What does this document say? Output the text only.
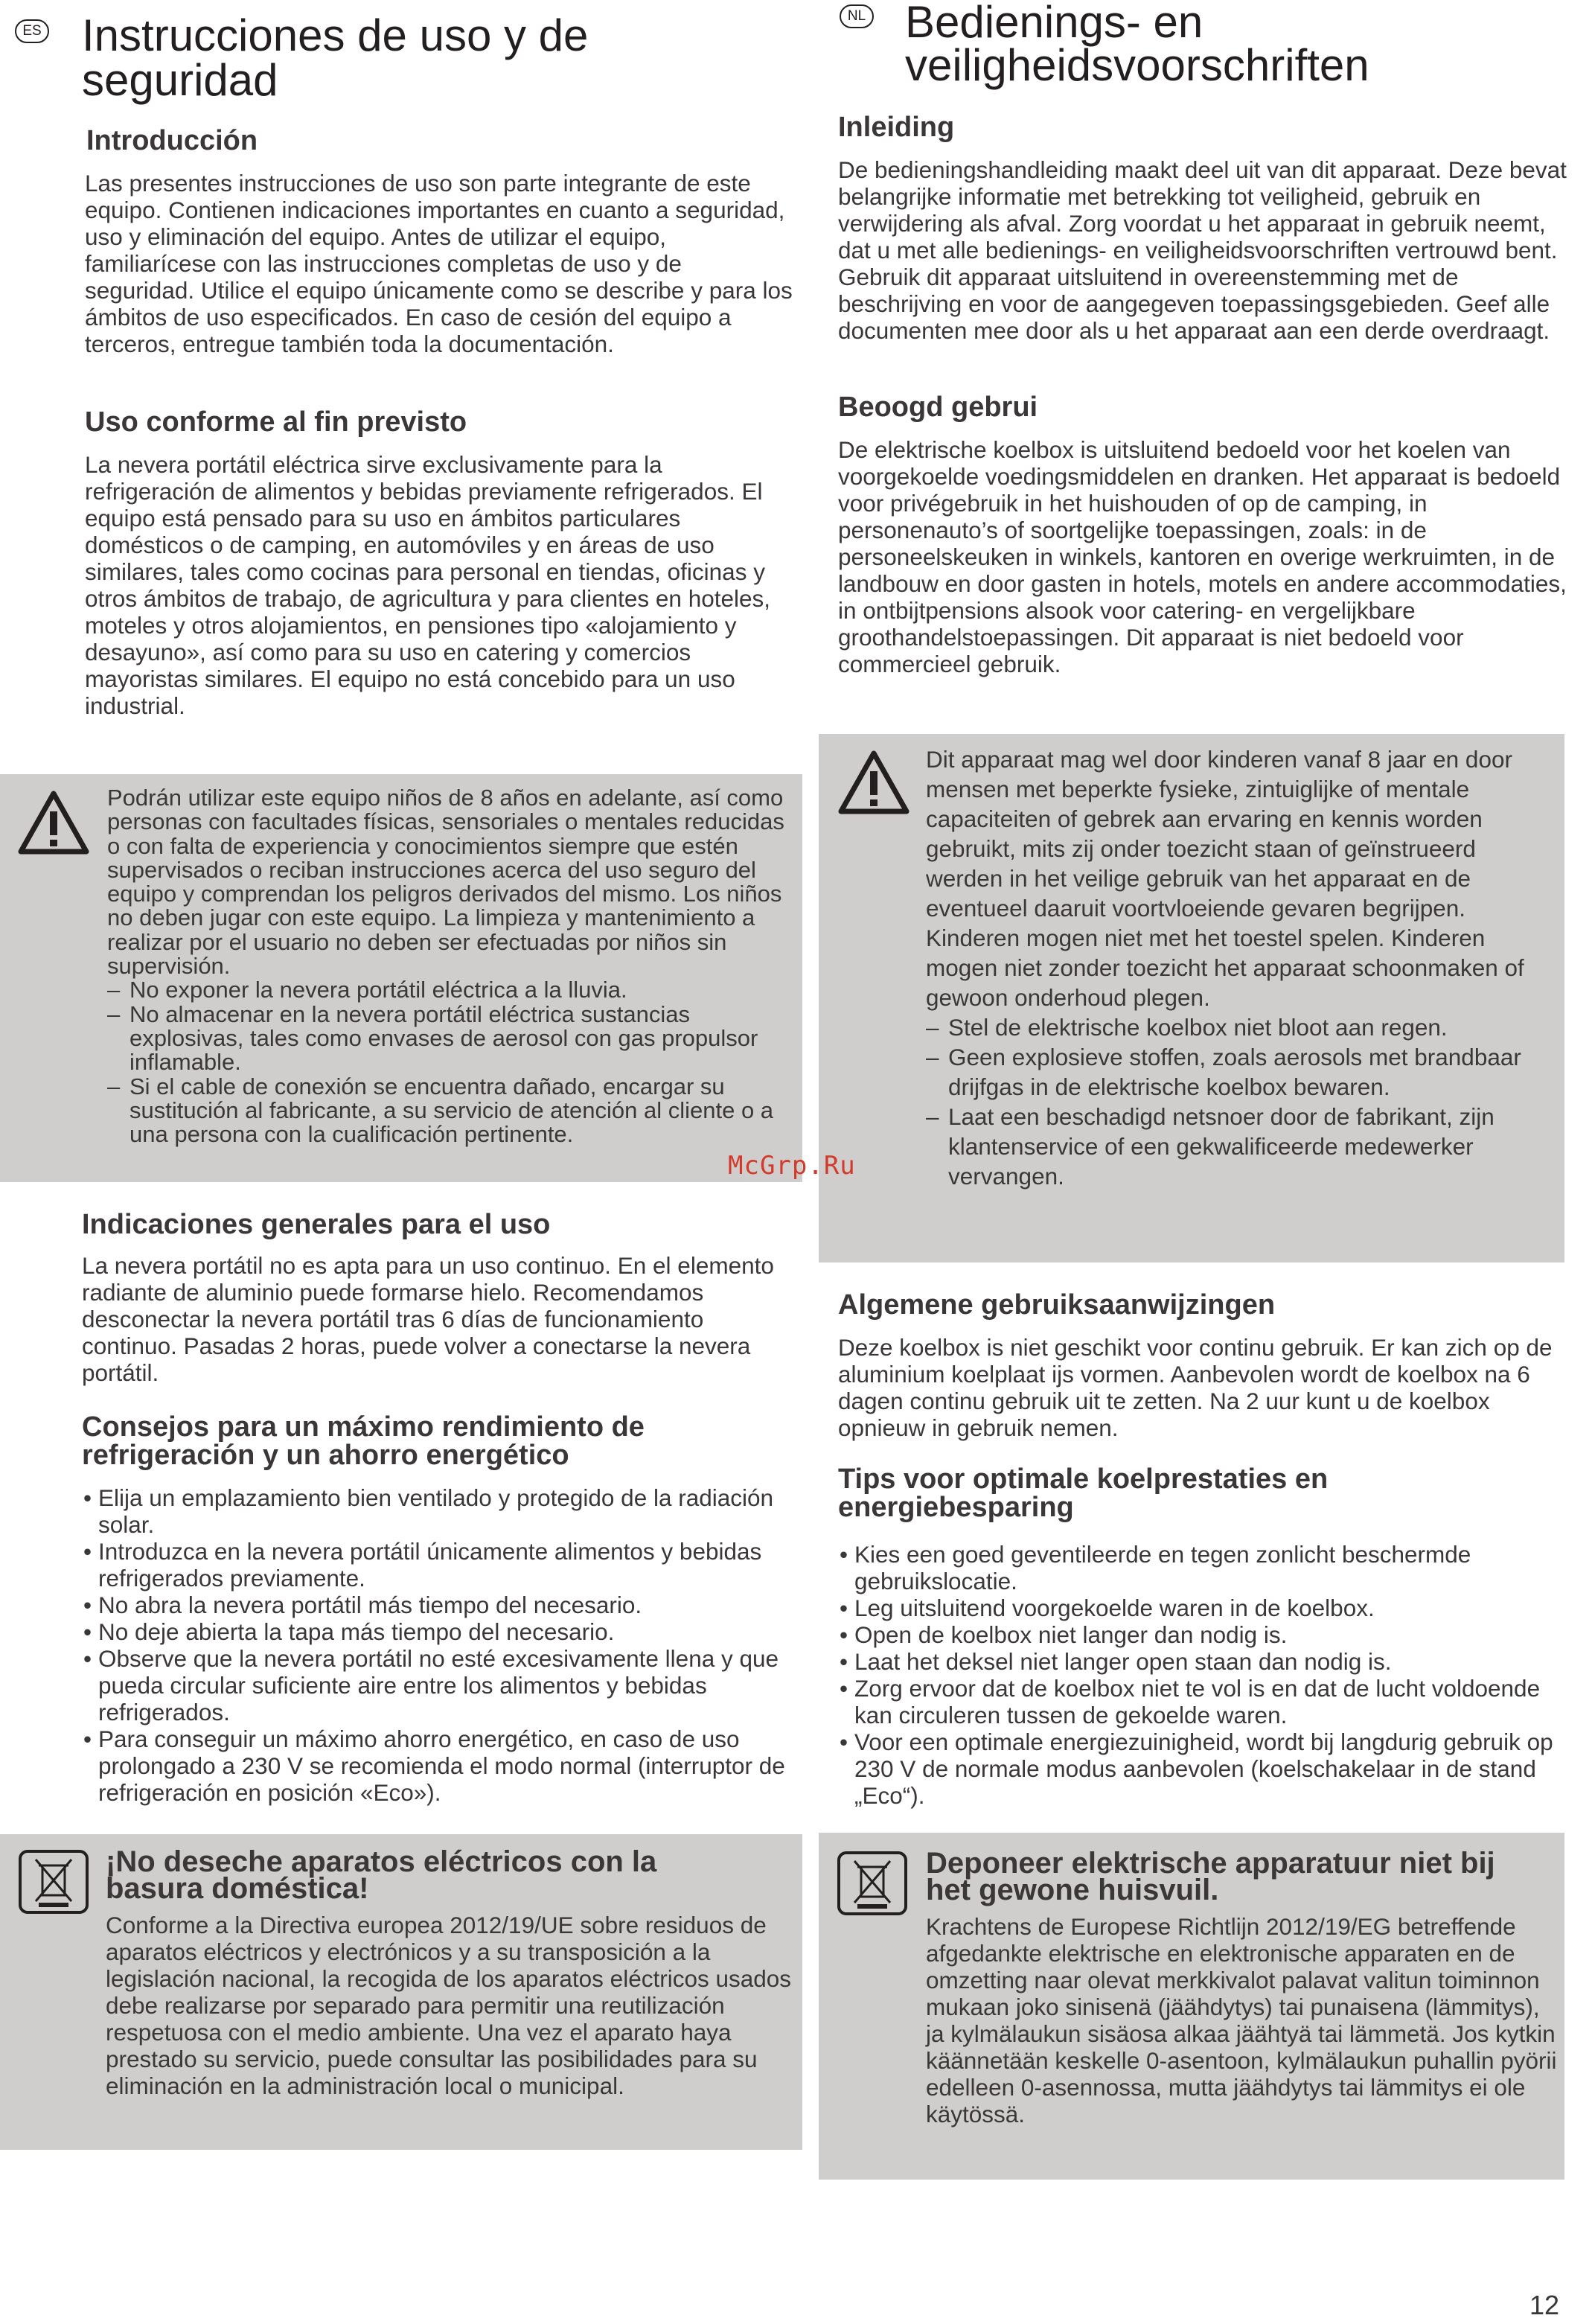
ES Instrucciones de uso y de
seguridad
Introducción
Las presentes instrucciones de uso son parte integrante de este equipo. Contienen indicaciones importantes en cuanto a seguridad, uso y eliminación del equipo. Antes de utilizar el equipo, familiarícese con las instrucciones completas de uso y de seguridad. Utilice el equipo únicamente como se describe y para los ámbitos de uso especificados. En caso de cesión del equipo a terceros, entregue también toda la documentación.
Uso conforme al fin previsto
La nevera portátil eléctrica sirve exclusivamente para la refrigeración de alimentos y bebidas previamente refrigerados. El equipo está pensado para su uso en ámbitos particulares domésticos o de camping, en automóviles y en áreas de uso similares, tales como cocinas para personal en tiendas, oficinas y otros ámbitos de trabajo, de agricultura y para clientes en hoteles, moteles y otros alojamientos, en pensiones tipo «alojamiento y desayuno», así como para su uso en catering y comercios mayoristas similares. El equipo no está concebido para un uso industrial.
Podrán utilizar este equipo niños de 8 años en adelante, así como personas con facultades físicas, sensoriales o mentales reducidas o con falta de experiencia y conocimientos siempre que estén supervisados o reciban instrucciones acerca del uso seguro del equipo y comprendan los peligros derivados del mismo. Los niños no deben jugar con este equipo. La limpieza y mantenimiento a realizar por el usuario no deben ser efectuadas por niños sin supervisión.
– No exponer la nevera portátil eléctrica a la lluvia.
– No almacenar en la nevera portátil eléctrica sustancias explosivas, tales como envases de aerosol con gas propulsor inflamable.
– Si el cable de conexión se encuentra dañado, encargar su sustitución al fabricante, a su servicio de atención al cliente o a una persona con la cualificación pertinente.
Indicaciones generales para el uso
La nevera portátil no es apta para un uso continuo. En el elemento radiante de aluminio puede formarse hielo. Recomendamos desconectar la nevera portátil tras 6 días de funcionamiento continuo. Pasadas 2 horas, puede volver a conectarse la nevera portátil.
Consejos para un máximo rendimiento de
refrigeración y un ahorro energético
• Elija un emplazamiento bien ventilado y protegido de la radiación solar.
• Introduzca en la nevera portátil únicamente alimentos y bebidas refrigerados previamente.
• No abra la nevera portátil más tiempo del necesario.
• No deje abierta la tapa más tiempo del necesario.
• Observe que la nevera portátil no esté excesivamente llena y que pueda circular suficiente aire entre los alimentos y bebidas refrigerados.
• Para conseguir un máximo ahorro energético, en caso de uso prolongado a 230 V se recomienda el modo normal (interruptor de refrigeración en posición «Eco»).
¡No deseche aparatos eléctricos con la
basura doméstica!
Conforme a la Directiva europea 2012/19/UE sobre residuos de aparatos eléctricos y electrónicos y a su transposición a la legislación nacional, la recogida de los aparatos eléctricos usados debe realizarse por separado para permitir una reutilización respetuosa con el medio ambiente. Una vez el aparato haya prestado su servicio, puede consultar las posibilidades para su eliminación en la administración local o municipal.
NL Bedienings- en
veiligheidsvoorschriften
Inleiding
De bedieningshandleiding maakt deel uit van dit apparaat. Deze bevat belangrijke informatie met betrekking tot veiligheid, gebruik en verwijdering als afval. Zorg voordat u het apparaat in gebruik neemt, dat u met alle bedienings- en veiligheidsvoorschriften vertrouwd bent. Gebruik dit apparaat uitsluitend in overeenstemming met de beschrijving en voor de aangegeven toepassingsgebieden. Geef alle documenten mee door als u het apparaat aan een derde overdraagt.
Beoogd gebrui
De elektrische koelbox is uitsluitend bedoeld voor het koelen van voorgekoelde voedingsmiddelen en dranken. Het apparaat is bedoeld voor privégebruik in het huishouden of op de camping, in personenauto’s of soortgelijke toepassingen, zoals: in de personeelskeuken in winkels, kantoren en overige werkruimten, in de landbouw en door gasten in hotels, motels en andere accommodaties, in ontbijtpensions alsook voor catering- en vergelijkbare groothandelstoepassingen. Dit apparaat is niet bedoeld voor commercieel gebruik.
Dit apparaat mag wel door kinderen vanaf 8 jaar en door mensen met beperkte fysieke, zintuiglijke of mentale capaciteiten of gebrek aan ervaring en kennis worden gebruikt, mits zij onder toezicht staan of geïnstrueerd werden in het veilige gebruik van het apparaat en de eventueel daaruit voortvloeiende gevaren begrijpen. Kinderen mogen niet met het toestel spelen. Kinderen mogen niet zonder toezicht het apparaat schoonmaken of gewoon onderhoud plegen.
– Stel de elektrische koelbox niet bloot aan regen.
– Geen explosieve stoffen, zoals aerosols met brandbaar drijfgas in de elektrische koelbox bewaren.
– Laat een beschadigd netsnoer door de fabrikant, zijn klantenservice of een gekwalificeerde medewerker vervangen.
Algemene gebruiksaanwijzingen
Deze koelbox is niet geschikt voor continu gebruik. Er kan zich op de aluminium koelplaat ijs vormen. Aanbevolen wordt de koelbox na 6 dagen continu gebruik uit te zetten. Na 2 uur kunt u de koelbox opnieuw in gebruik nemen.
Tips voor optimale koelprestaties en
energiebesparing
• Kies een goed geventileerde en tegen zonlicht beschermde gebruikslocatie.
• Leg uitsluitend voorgekoelde waren in de koelbox.
• Open de koelbox niet langer dan nodig is.
• Laat het deksel niet langer open staan dan nodig is.
• Zorg ervoor dat de koelbox niet te vol is en dat de lucht voldoende kan circuleren tussen de gekoelde waren.
• Voor een optimale energiezuinigheid, wordt bij langdurig gebruik op 230 V de normale modus aanbevolen (koelschakelaar in de stand „Eco“).
Deponeer elektrische apparatuur niet bij
het gewone huisvuil.
Krachtens de Europese Richtlijn 2012/19/EG betreffende afgedankte elektrische en elektronische apparaten en de omzetting naar olevat merkkivalot palavat valitun toiminnon mukaan joko sinisenä (jäähdytys) tai punaisena (lämmitys), ja kylmälaukun sisäosa alkaa jäähtyä tai lämmetä. Jos kytkin käännetään keskelle 0-asentoon, kylmälaukun puhallin pyörii edelleen 0-asennossa, mutta jäähdytys tai lämmitys ei ole käytössä.
McGrp.Ru
12
